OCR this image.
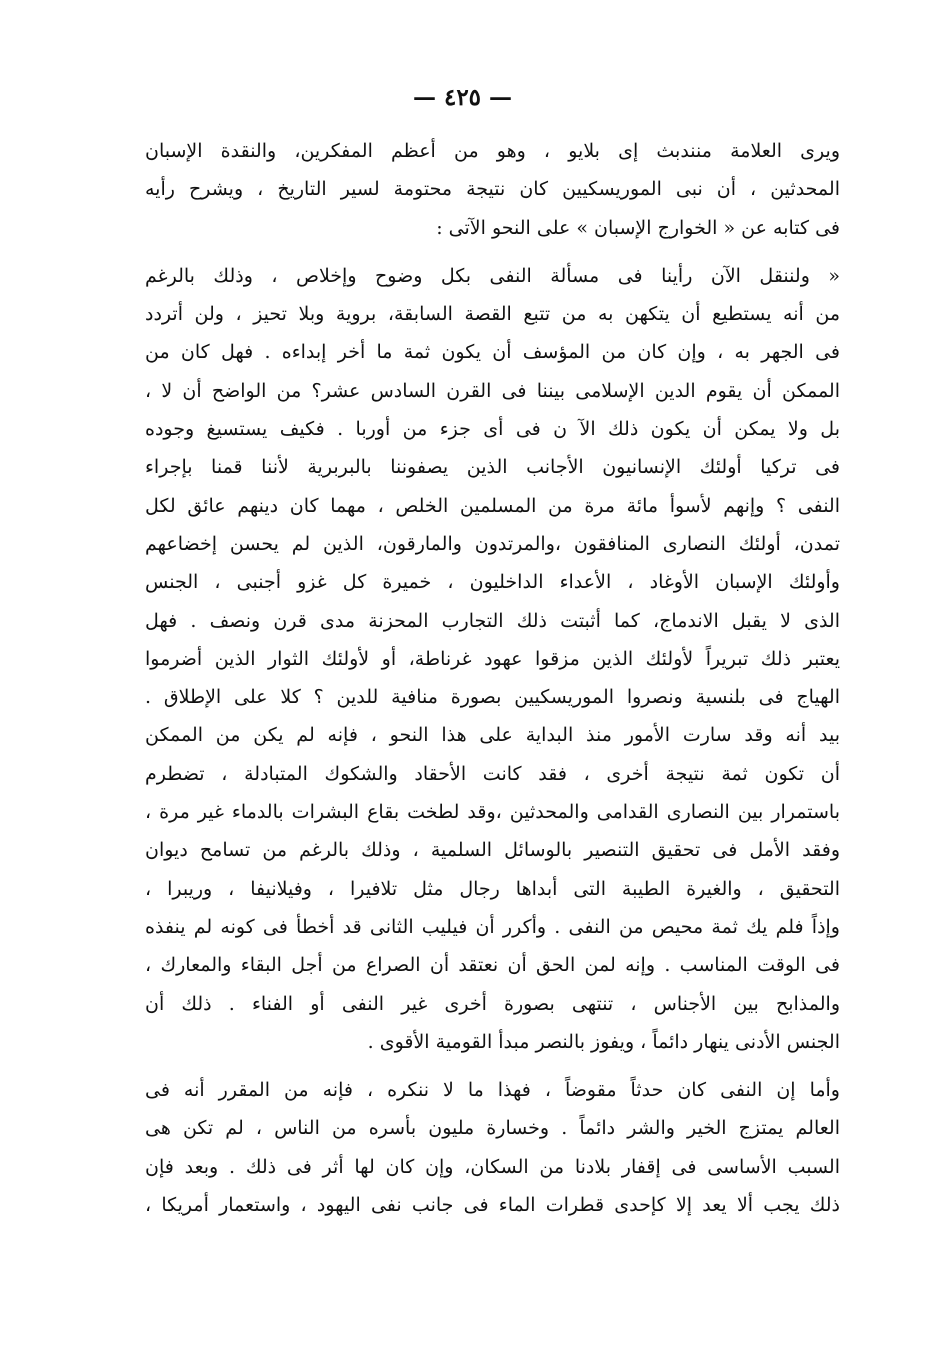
— ٤٢٥ —
ويرى العلامة منندبث إى بلايو ، وهو من أعظم المفكرين، والنقدة الإسبان
المحدثين ، أن نبى الموريسكيين كان نتيجة محتومة لسير التاريخ ، ويشرح رأيه
فى كتابه عن « الخوارج الإسبان » على النحو الآتى :
« ولننقل الآن رأينا فى مسألة النفى بكل وضوح وإخلاص ، وذلك بالرغم
من أنه يستطيع أن يتكهن به من تتبع القصة السابقة، بروية وبلا تحيز ، ولن أتردد
فى الجهر به ، وإن كان من المؤسف أن يكون ثمة ما أخر إبداءه . فهل كان من
الممكن أن يقوم الدين الإسلامى بيننا فى القرن السادس عشر؟ من الواضح أن لا ،
بل ولا يمكن أن يكون ذلك الآ ن فى أى جزء من أوربا . فكيف يستسيغ وجوده
فى تركيا أولئك الإنسانيون الأجانب الذين يصفوننا بالبربرية لأننا قمنا بإجراء
النفى ؟ وإنهم لأسوأ مائة مرة من المسلمين الخلص ، مهما كان دينهم عائق لكل
تمدن، أولئك النصارى المنافقون ،والمرتدون والمارقون، الذين لم يحسن إخضاعهم
وأولئك الإسبان الأوغاد ، الأعداء الداخليون ، خميرة كل غزو أجنبى ، الجنس
الذى لا يقبل الاندماج، كما أثبتت ذلك التجارب المحزنة مدى قرن ونصف . فهل
يعتبر ذلك تبريراً لأولئك الذين مزقوا عهود غرناطة، أو لأولئك الثوار الذين أضرموا
الهياج فى بلنسية ونصروا الموريسكيين بصورة منافية للدين ؟ كلا على الإطلاق .
بيد أنه وقد سارت الأمور منذ البداية على هذا النحو ، فإنه لم يكن من الممكن
أن تكون ثمة نتيجة أخرى ، فقد كانت الأحقاد والشكوك المتبادلة ، تضطرم
باستمرار بين النصارى القدامى والمحدثين ،وقد لطخت بقاع البشرات بالدماء غير مرة ،
وفقد الأمل فى تحقيق التنصير بالوسائل السلمية ، وذلك بالرغم من تسامح ديوان
التحقيق ، والغيرة الطيبة التى أبداها رجال مثل تلافيرا ، وفيلانيفا ، وريبرا ،
وإذاً فلم يك ثمة محيص من النفى . وأكرر أن فيليب الثانى قد أخطأ فى كونه لم ينفذه
فى الوقت المناسب . وإنه لمن الحق أن نعتقد أن الصراع من أجل البقاء والمعارك ،
والمذابح بين الأجناس ، تنتهى بصورة أخرى غير النفى أو الفناء . ذلك أن
الجنس الأدنى ينهار دائماً ، ويفوز بالنصر مبدأ القومية الأقوى .
وأما إن النفى كان حدثاً مقوضاً ، فهذا ما لا ننكره ، فإنه من المقرر أنه فى
العالم يمتزج الخير والشر دائماً . وخسارة مليون بأسره من الناس ، لم تكن هى
السبب الأساسى فى إقفار بلادنا من السكان، وإن كان لها أثر فى ذلك . وبعد فإن
ذلك يجب ألا يعد إلا كإحدى قطرات الماء فى جانب نفى اليهود ، واستعمار أمريكا ،
